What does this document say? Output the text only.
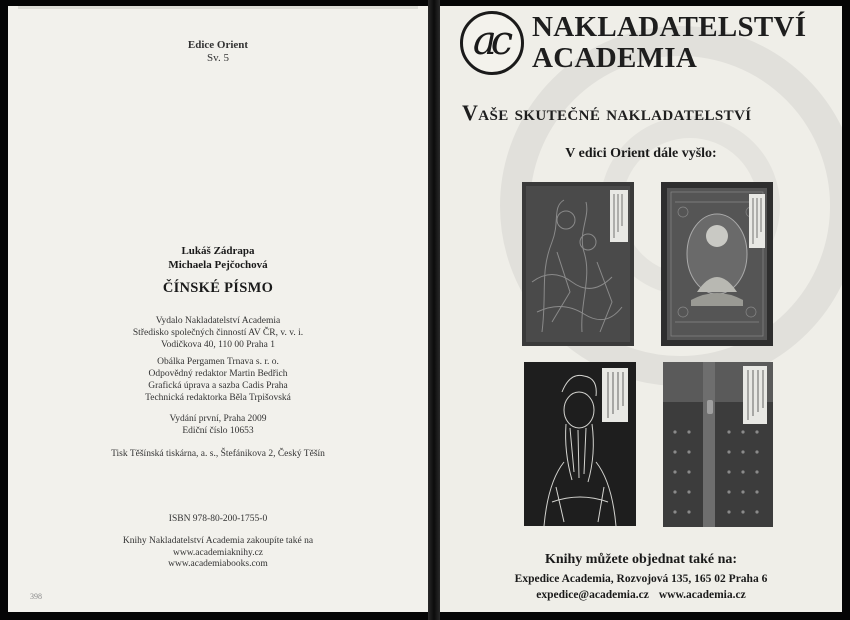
Edice Orient
Sv. 5
Lukáš Zádrapa
Michaela Pejčochová
ČÍNSKÉ PÍSMO
Vydalo Nakladatelství Academia
Středisko společných činností AV ČR, v. v. i.
Vodičkova 40, 110 00 Praha 1
Obálka Pergamen Trnava s. r. o.
Odpovědný redaktor Martin Bedřich
Grafická úprava a sazba Cadis Praha
Technická redaktorka Běla Trpišovská
Vydání první, Praha 2009
Ediční číslo 10653
Tisk Těšínská tiskárna, a. s., Štefánikova 2, Český Těšín
ISBN 978-80-200-1755-0
Knihy Nakladatelství Academia zakoupíte také na
www.academiaknihy.cz
www.academiabooks.com
398
ac NAKLADATELSTVÍ
ACADEMIA
Vaše skutečné nakladatelství
V edici Orient dále vyšlo:
Knihy můžete objednat také na:
Expedice Academia, Rozvojová 135, 165 02 Praha 6
expedice@academia.cz www.academia.cz
